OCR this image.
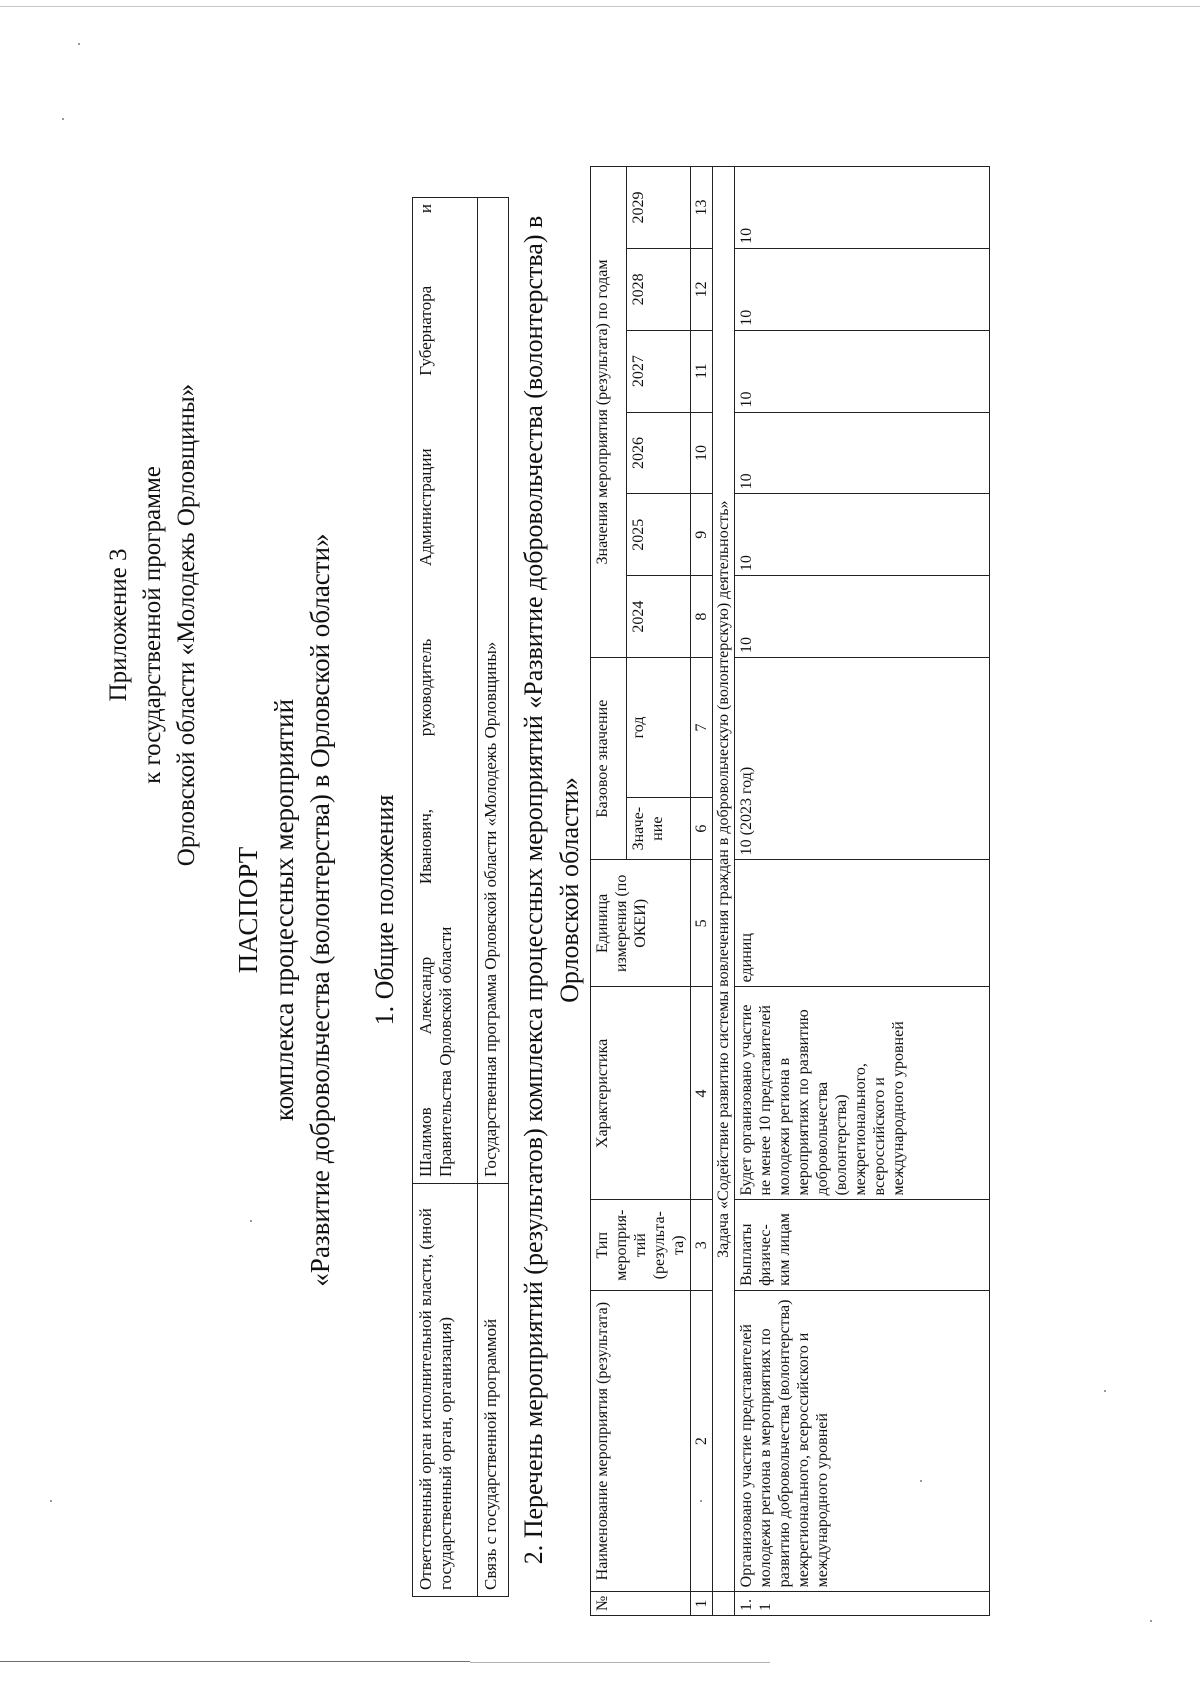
Приложение 3 к государственной программе Орловской области «Молодежь Орловщины»
ПАСПОРТ комплекса процессных мероприятий «Развитие добровольчества (волонтерства) в Орловской области» 1. Общие положения
Ответственный орган исполнительной власти, (иной государственный орган, организация)	Шалимов Александр Иванович, руководитель Администрации Губернатора и Правительства Орловской области
Связь с государственной программой	Государственная программа Орловской области «Молодежь Орловщины» 2. Перечень мероприятий (результатов) комплекса процессных мероприятий «Развитие добровольчества (волонтерства) в Орловской области»
№	Наименование мероприятия (результата)	Тип мероприя-тий (результа-та)	Характеристика	Единица измерения (по ОКЕИ)	Базовое значение		Значения мероприятия (результата) по годам					
					Значе-ние	год	2024	2025	2026	2027	2028	2029
1	2	3	4	5	6	7	8	9	10	11	12	13
	Задача «Содействие развитию системы вовлечения граждан в добровольческую (волонтерскую) деятельность»											
1. 1	Организовано участие представителей молодежи региона в мероприятиях по развитию добровольчества (волонтерства) межрегионального, всероссийского и международного уровней	Выплаты физичес-ким лицам	Будет организовано участие не менее 10 представителей молодежи региона в мероприятиях по развитию добровольчества (волонтерства) межрегионального, всероссийского и международного уровней	единиц	10 (2023 год)		10	10	10	10	10	10
